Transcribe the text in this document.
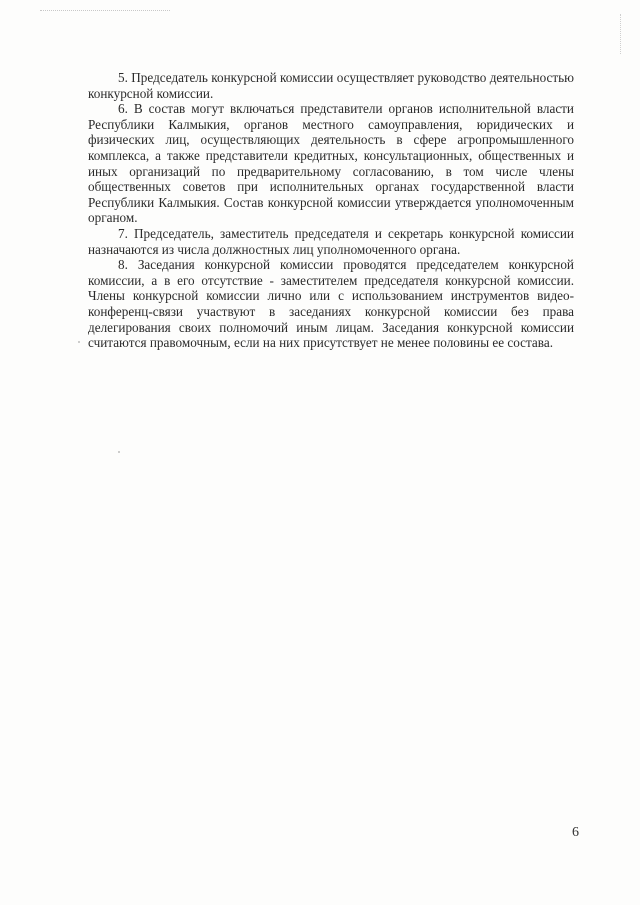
5. Председатель конкурсной комиссии осуществляет руководство деятельностью конкурсной комиссии.

6. В состав могут включаться представители органов исполнительной власти Республики Калмыкия, органов местного самоуправления, юридических и физических лиц, осуществляющих деятельность в сфере агропромышленного комплекса, а также представители кредитных, консультационных, общественных и иных организаций по предварительному согласованию, в том числе члены общественных советов при исполнительных органах государственной власти Республики Калмыкия. Состав конкурсной комиссии утверждается уполномоченным органом.

7. Председатель, заместитель председателя и секретарь конкурсной комиссии назначаются из числа должностных лиц уполномоченного органа.

8. Заседания конкурсной комиссии проводятся председателем конкурсной комиссии, а в его отсутствие - заместителем председателя конкурсной комиссии. Члены конкурсной комиссии лично или с использованием инструментов видео-конференц-связи участвуют в заседаниях конкурсной комиссии без права делегирования своих полномочий иным лицам. Заседания конкурсной комиссии считаются правомочным, если на них присутствует не менее половины ее состава.

6
